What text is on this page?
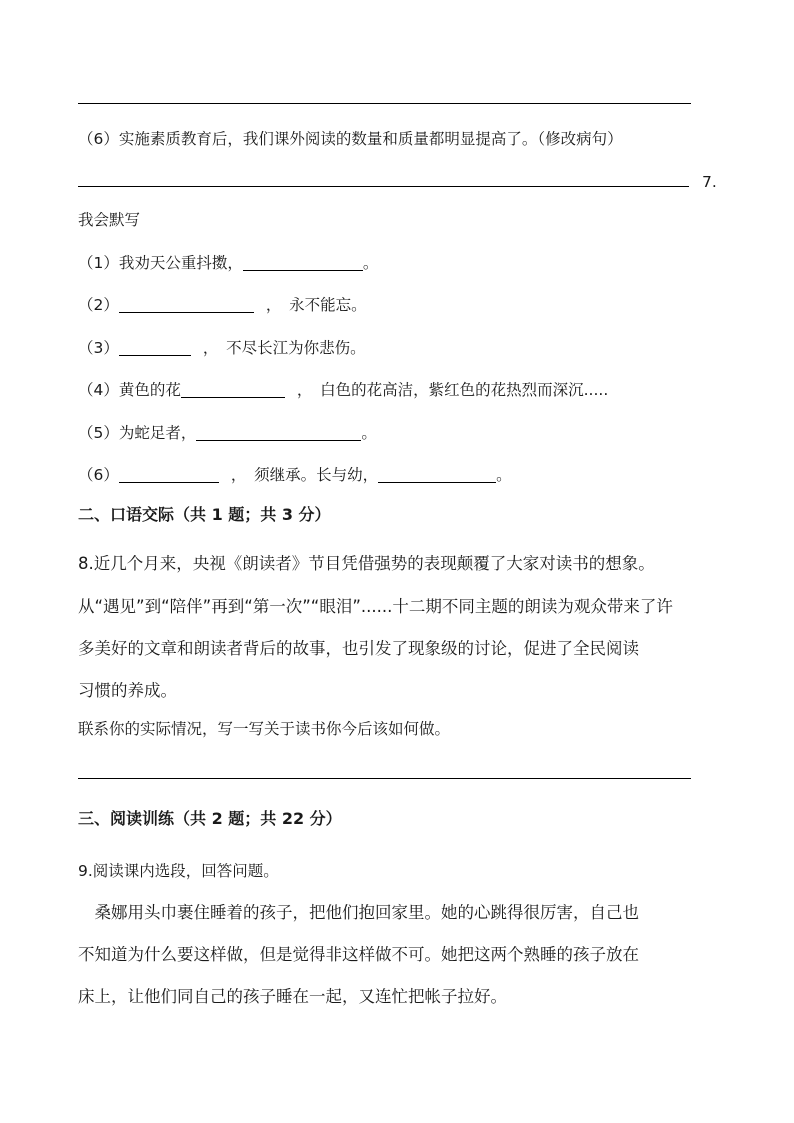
（6）实施素质教育后，我们课外阅读的数量和质量都明显提高了。（修改病句）
7.
我会默写
（1）我劝天公重抖擞，	。
（2）	，　永不能忘。
（3）	，　不尽长江为你悲伤。
（4）黄色的花	，　白色的花高洁，紫红色的花热烈而深沉.....
（5）为蛇足者，	。
（6）	，　须继承。长与幼，	。
二、口语交际（共 1 题；共 3 分）
8.近几个月来，央视《朗读者》节目凭借强势的表现颠覆了大家对读书的想象。
从“遇见”到“陪伴”再到“第一次”“眼泪”......十二期不同主题的朗读为观众带来了许
多美好的文章和朗读者背后的故事，也引发了现象级的讨论，促进了全民阅读
习惯的养成。
联系你的实际情况，写一写关于读书你今后该如何做。
三、阅读训练（共 2 题；共 22 分）
9.阅读课内选段，回答问题。
　桑娜用头巾裹住睡着的孩子，把他们抱回家里。她的心跳得很厉害，自己也
不知道为什么要这样做，但是觉得非这样做不可。她把这两个熟睡的孩子放在
床上，让他们同自己的孩子睡在一起，又连忙把帐子拉好。
